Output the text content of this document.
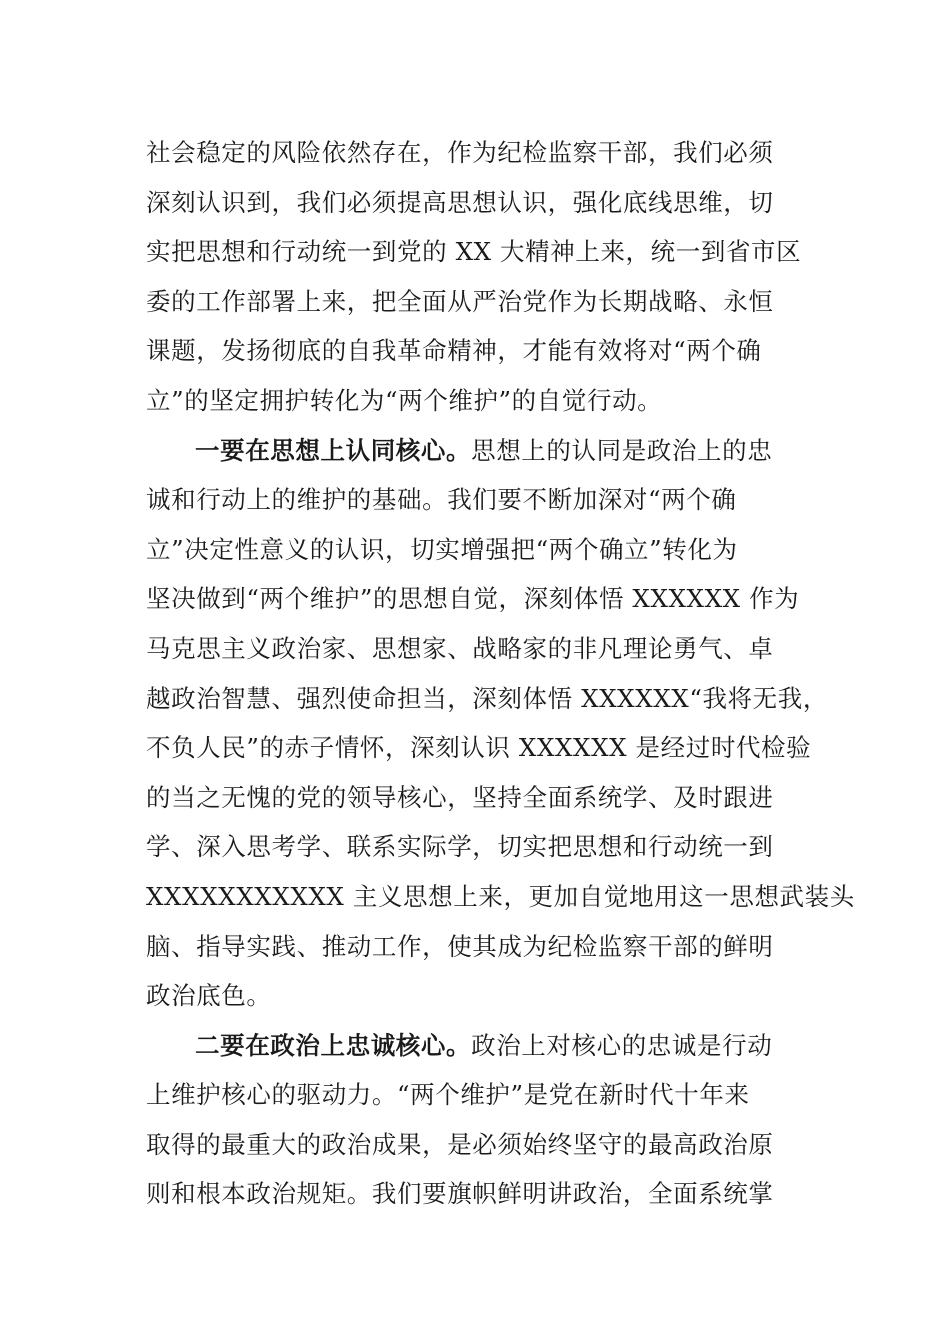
社会稳定的风险依然存在，作为纪检监察干部，我们必须
深刻认识到，我们必须提高思想认识，强化底线思维，切
实把思想和行动统一到党的 XX 大精神上来，统一到省市区
委的工作部署上来，把全面从严治党作为长期战略、永恒
课题，发扬彻底的自我革命精神，才能有效将对“两个确
立”的坚定拥护转化为“两个维护”的自觉行动。
一要在思想上认同核心。思想上的认同是政治上的忠
诚和行动上的维护的基础。我们要不断加深对“两个确
立”决定性意义的认识，切实增强把“两个确立”转化为
坚决做到“两个维护”的思想自觉，深刻体悟 XXXXXX 作为
马克思主义政治家、思想家、战略家的非凡理论勇气、卓
越政治智慧、强烈使命担当，深刻体悟 XXXXXX“我将无我，
不负人民”的赤子情怀，深刻认识 XXXXXX 是经过时代检验
的当之无愧的党的领导核心，坚持全面系统学、及时跟进
学、深入思考学、联系实际学，切实把思想和行动统一到
XXXXXXXXXXX 主义思想上来，更加自觉地用这一思想武装头
脑、指导实践、推动工作，使其成为纪检监察干部的鲜明
政治底色。
二要在政治上忠诚核心。政治上对核心的忠诚是行动
上维护核心的驱动力。“两个维护”是党在新时代十年来
取得的最重大的政治成果，是必须始终坚守的最高政治原
则和根本政治规矩。我们要旗帜鲜明讲政治，全面系统掌
